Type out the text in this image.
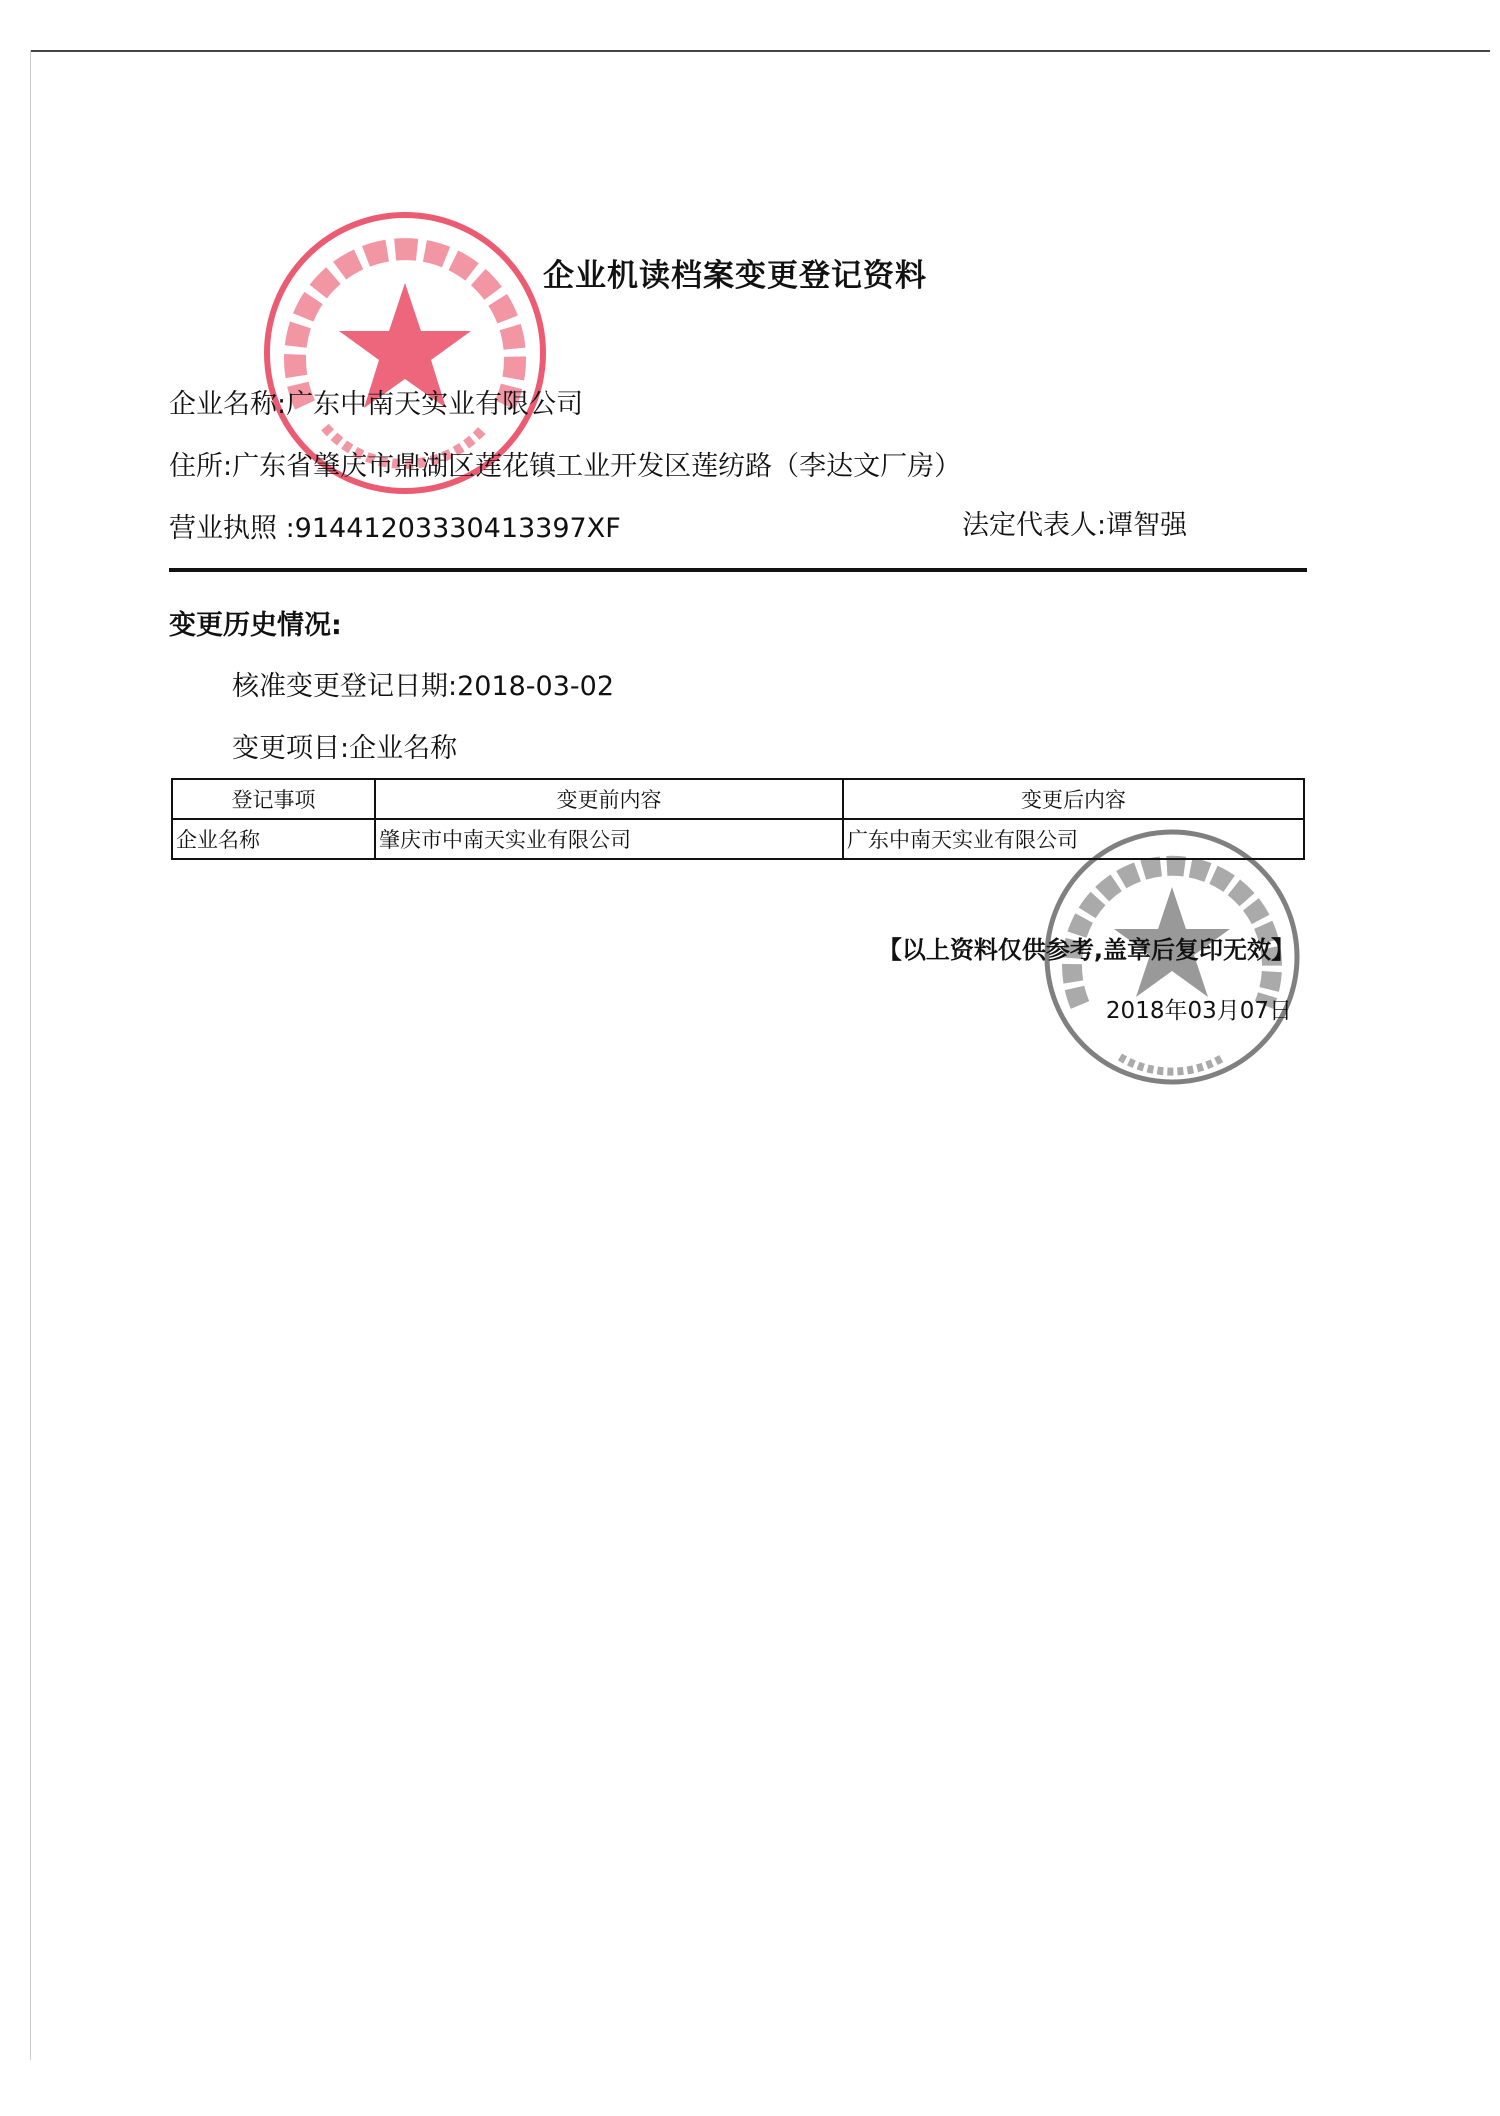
企业机读档案变更登记资料
企业名称:广东中南天实业有限公司
住所:广东省肇庆市鼎湖区莲花镇工业开发区莲纺路（李达文厂房）
营业执照 :91441203330413397XF	法定代表人:谭智强
变更历史情况:
核准变更登记日期:2018-03-02
变更项目:企业名称
登记事项	变更前内容	变更后内容
企业名称	肇庆市中南天实业有限公司	广东中南天实业有限公司
【以上资料仅供参考,盖章后复印无效】
2018年03月07日
